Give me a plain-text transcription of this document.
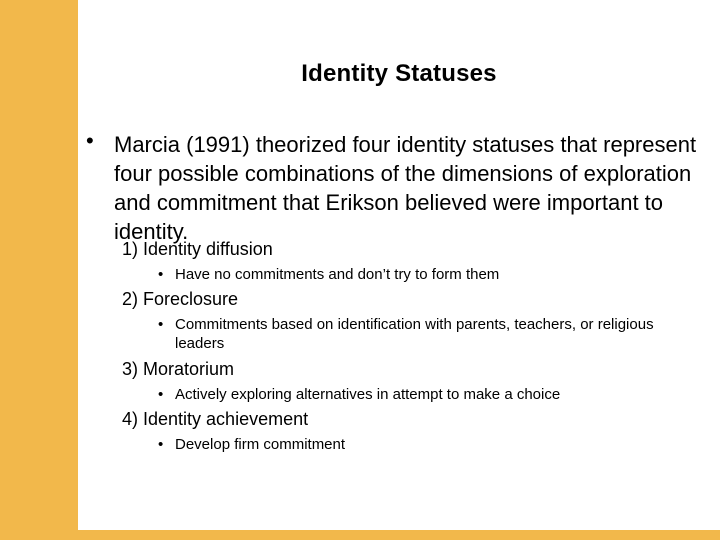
Identity Statuses
• Marcia (1991) theorized four identity statuses that represent four possible combinations of the dimensions of exploration and commitment that Erikson believed were important to identity.
1) Identity diffusion
• Have no commitments and don’t try to form them
2) Foreclosure
• Commitments based on identification with parents, teachers, or religious leaders
3) Moratorium
• Actively exploring alternatives in attempt to make a choice
4) Identity achievement
• Develop firm commitment
